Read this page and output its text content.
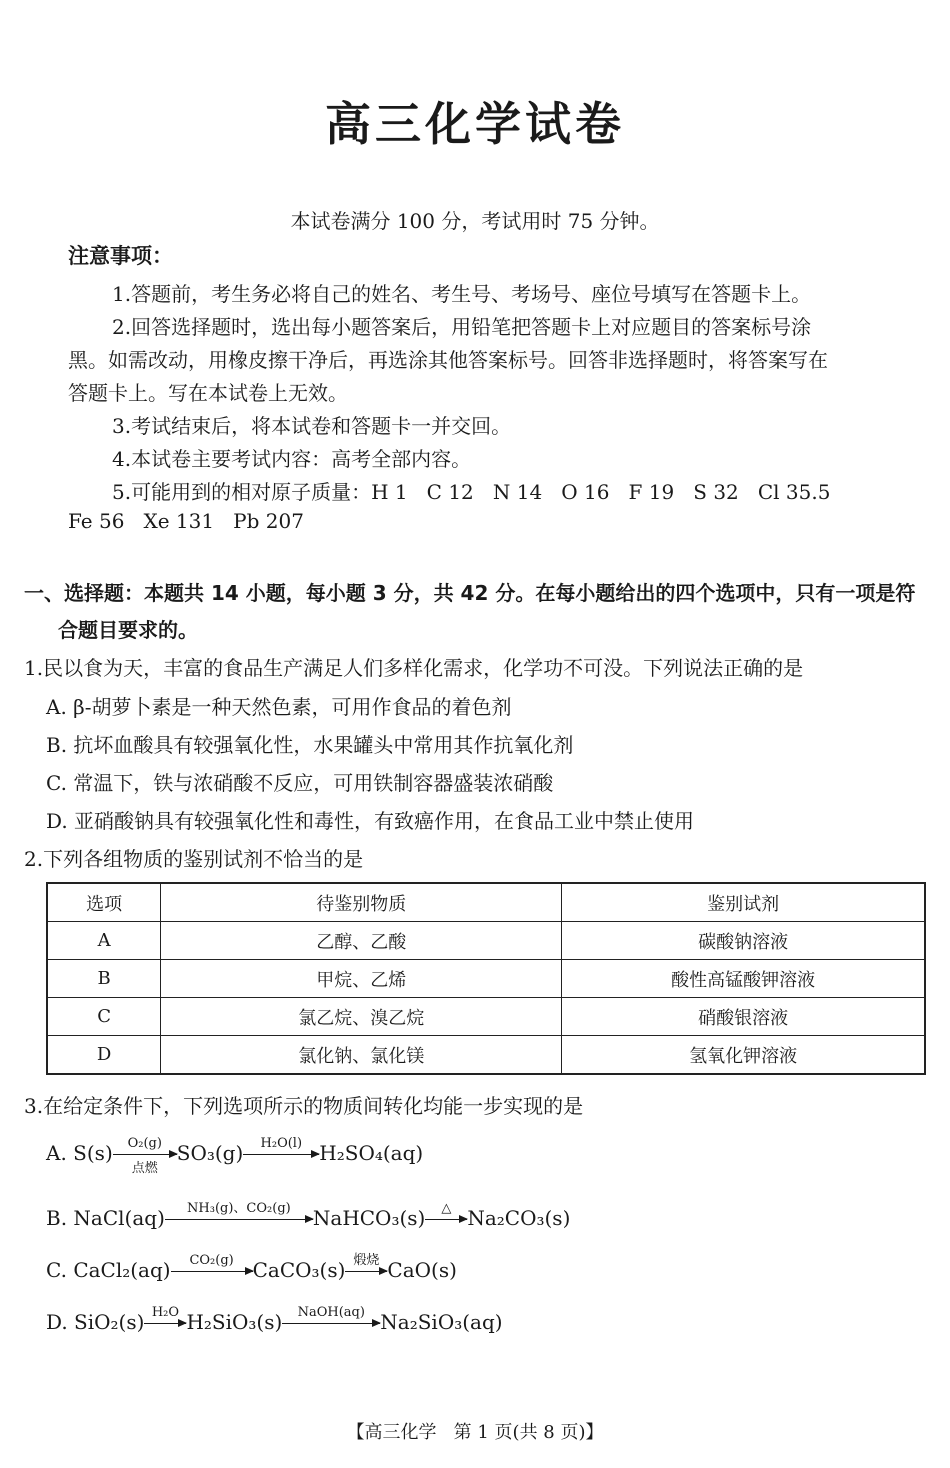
高三化学试卷
本试卷满分 100 分，考试用时 75 分钟。
注意事项：
1.答题前，考生务必将自己的姓名、考生号、考场号、座位号填写在答题卡上。
2.回答选择题时，选出每小题答案后，用铅笔把答题卡上对应题目的答案标号涂
黑。如需改动，用橡皮擦干净后，再选涂其他答案标号。回答非选择题时，将答案写在
答题卡上。写在本试卷上无效。
3.考试结束后，将本试卷和答题卡一并交回。
4.本试卷主要考试内容：高考全部内容。
5.可能用到的相对原子质量：H 1   C 12   N 14   O 16   F 19   S 32   Cl 35.5
Fe 56   Xe 131   Pb 207
一、选择题：本题共 14 小题，每小题 3 分，共 42 分。在每小题给出的四个选项中，只有一项是符
合题目要求的。
1.民以食为天，丰富的食品生产满足人们多样化需求，化学功不可没。下列说法正确的是
A. β-胡萝卜素是一种天然色素，可用作食品的着色剂
B. 抗坏血酸具有较强氧化性，水果罐头中常用其作抗氧化剂
C. 常温下，铁与浓硝酸不反应，可用铁制容器盛装浓硝酸
D. 亚硝酸钠具有较强氧化性和毒性，有致癌作用，在食品工业中禁止使用
2.下列各组物质的鉴别试剂不恰当的是
选项	待鉴别物质	鉴别试剂
A	乙醇、乙酸	碳酸钠溶液
B	甲烷、乙烯	酸性高锰酸钾溶液
C	氯乙烷、溴乙烷	硝酸银溶液
D	氯化钠、氯化镁	氢氧化钾溶液
3.在给定条件下，下列选项所示的物质间转化均能一步实现的是
A. S(s)	O₂(g)
点燃
SO₃(g)	H₂O(l) H₂SO₄(aq)
B. NaCl(aq)	NH₃(g)、CO₂(g)	NaHCO₃(s)	△ Na₂CO₃(s)
C. CaCl₂(aq)	CO₂(g) CaCO₃(s) 煅烧 CaO(s)
D. SiO₂(s) H₂O H₂SiO₃(s)	NaOH(aq) Na₂SiO₃(aq)
【高三化学   第 1 页(共 8 页)】
